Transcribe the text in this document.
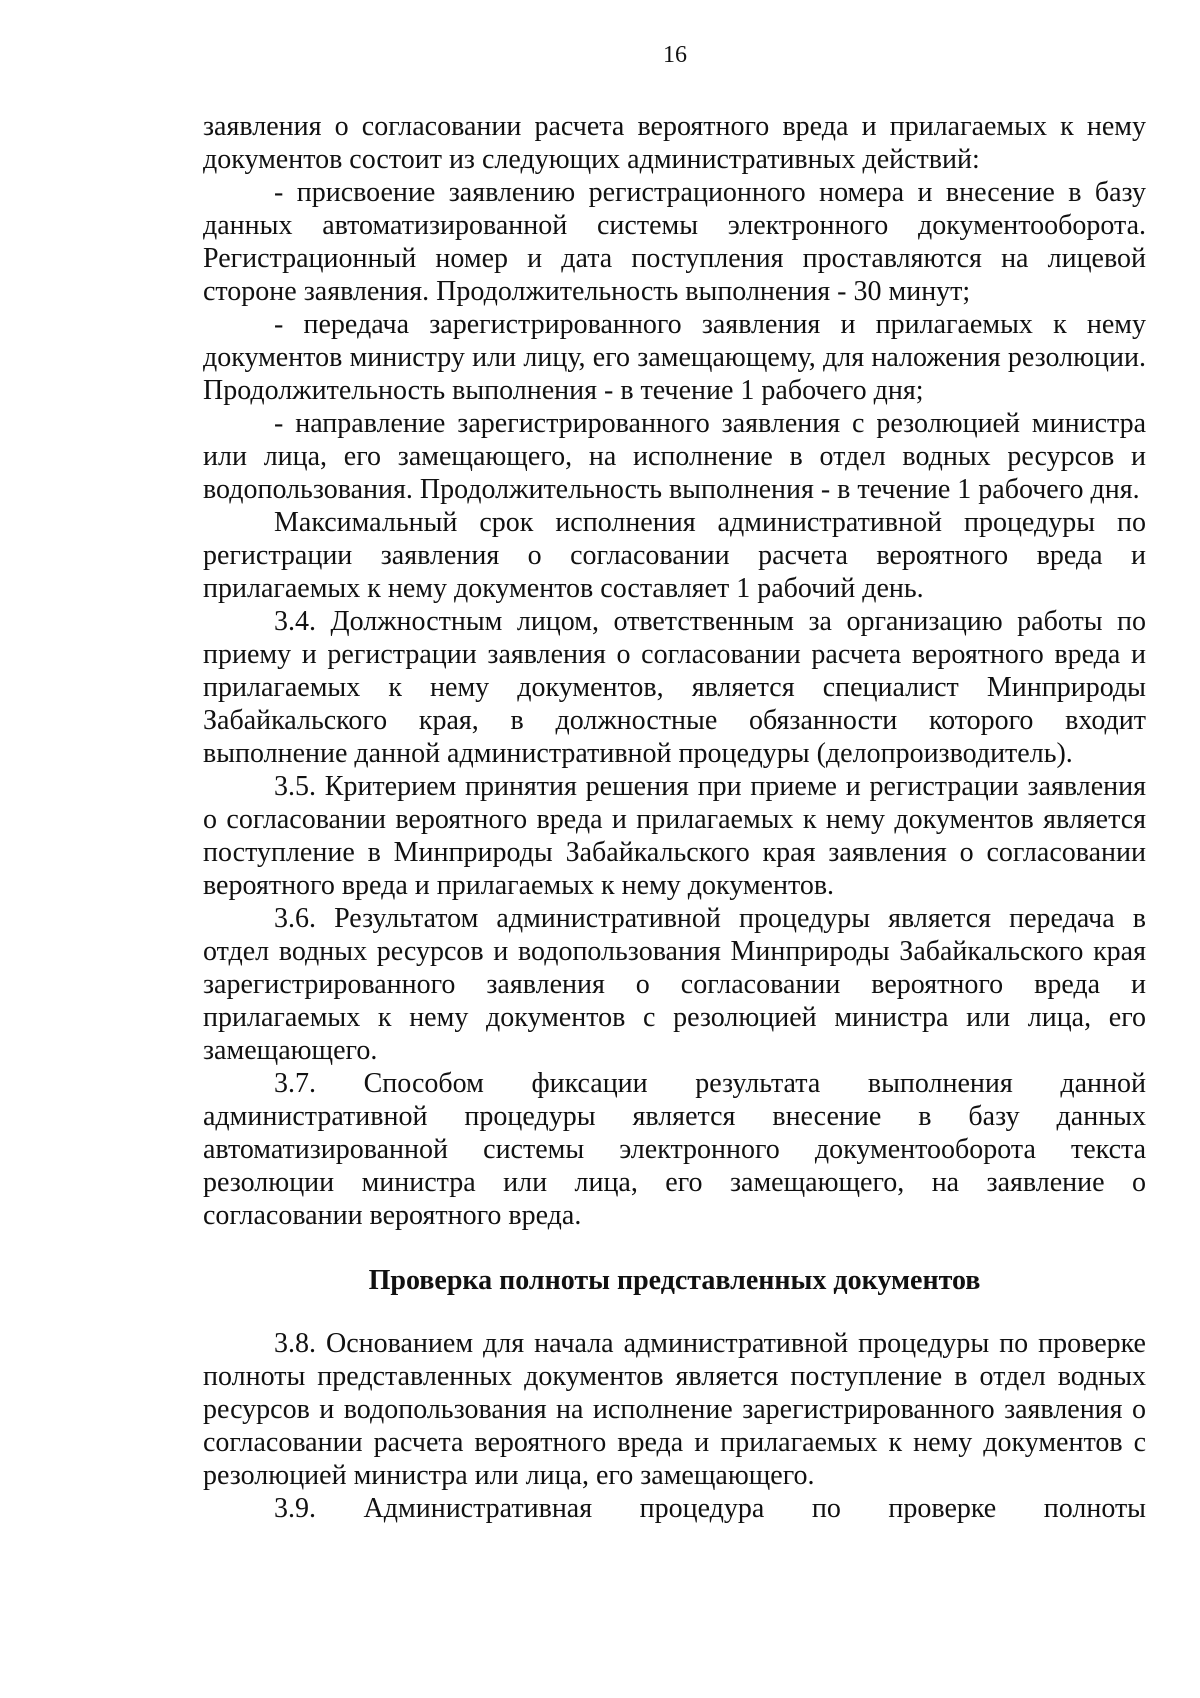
16

заявления о согласовании расчета вероятного вреда и прилагаемых к нему документов состоит из следующих административных действий:

- присвоение заявлению регистрационного номера и внесение в базу данных автоматизированной системы электронного документооборота. Регистрационный номер и дата поступления проставляются на лицевой стороне заявления. Продолжительность выполнения - 30 минут;

- передача зарегистрированного заявления и прилагаемых к нему документов министру или лицу, его замещающему, для наложения резолюции. Продолжительность выполнения - в течение 1 рабочего дня;

- направление зарегистрированного заявления с резолюцией министра или лица, его замещающего, на исполнение в отдел водных ресурсов и водопользования. Продолжительность выполнения - в течение 1 рабочего дня.

Максимальный срок исполнения административной процедуры по регистрации заявления о согласовании расчета вероятного вреда и прилагаемых к нему документов составляет 1 рабочий день.

3.4. Должностным лицом, ответственным за организацию работы по приему и регистрации заявления о согласовании расчета вероятного вреда и прилагаемых к нему документов, является специалист Минприроды Забайкальского края, в должностные обязанности которого входит выполнение данной административной процедуры (делопроизводитель).

3.5. Критерием принятия решения при приеме и регистрации заявления о согласовании вероятного вреда и прилагаемых к нему документов является поступление в Минприроды Забайкальского края заявления о согласовании вероятного вреда и прилагаемых к нему документов.

3.6. Результатом административной процедуры является передача в отдел водных ресурсов и водопользования Минприроды Забайкальского края зарегистрированного заявления о согласовании вероятного вреда и прилагаемых к нему документов с резолюцией министра или лица, его замещающего.

3.7. Способом фиксации результата выполнения данной административной процедуры является внесение в базу данных автоматизированной системы электронного документооборота текста резолюции министра или лица, его замещающего, на заявление о согласовании вероятного вреда.

Проверка полноты представленных документов

3.8. Основанием для начала административной процедуры по проверке полноты представленных документов является поступление в отдел водных ресурсов и водопользования на исполнение зарегистрированного заявления о согласовании расчета вероятного вреда и прилагаемых к нему документов с резолюцией министра или лица, его замещающего.

3.9. Административная процедура по проверке полноты
